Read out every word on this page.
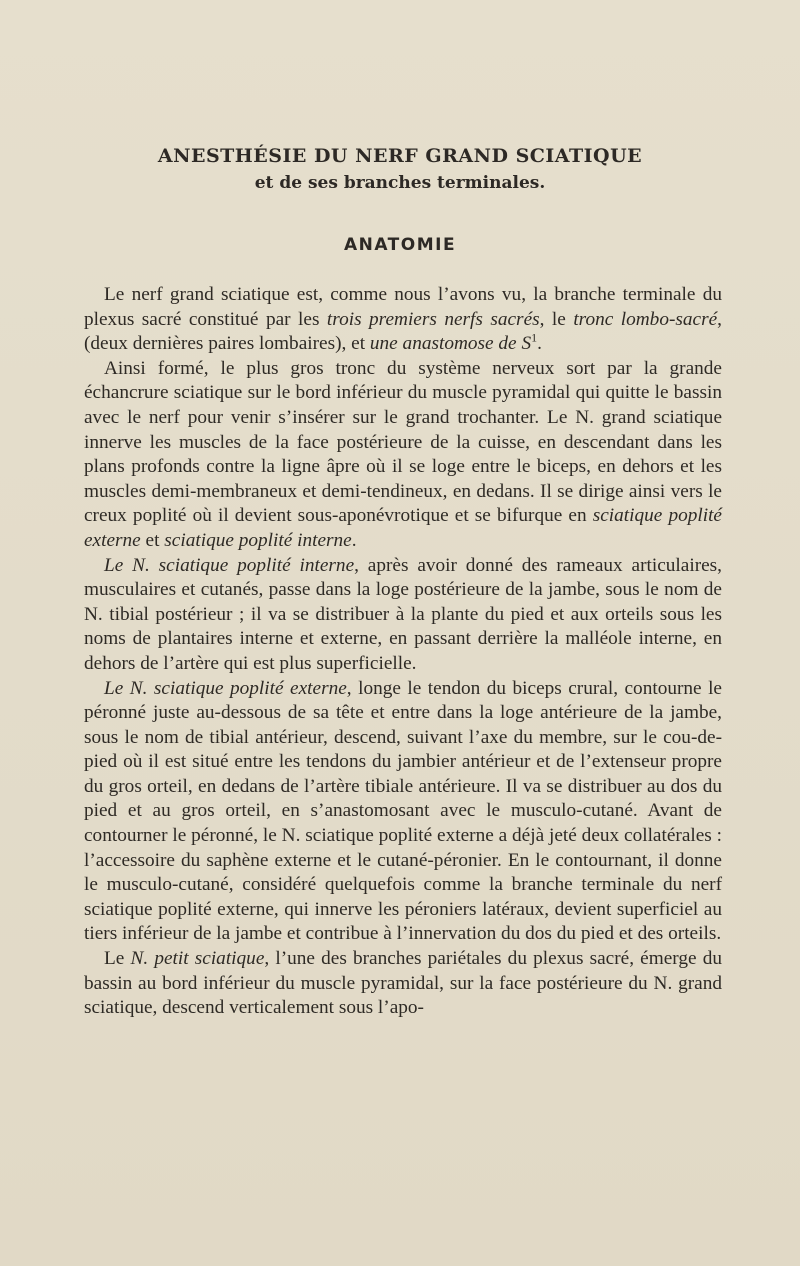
ANESTHÉSIE DU NERF GRAND SCIATIQUE
et de ses branches terminales.
ANATOMIE

Le nerf grand sciatique est, comme nous l’avons vu, la branche terminale du plexus sacré constitué par les trois premiers nerfs sacrés, le tronc lombo-sacré, (deux dernières paires lombaires), et une anastomose de $S^1$.

Ainsi formé, le plus gros tronc du système nerveux sort par la grande échancrure sciatique sur le bord inférieur du muscle pyramidal qui quitte le bassin avec le nerf pour venir s’insérer sur le grand trochanter. Le N. grand sciatique innerve les muscles de la face postérieure de la cuisse, en descendant dans les plans profonds contre la ligne âpre où il se loge entre le biceps, en dehors et les muscles demi-membraneux et demi-tendineux, en dedans. Il se dirige ainsi vers le creux poplité où il devient sous-aponévrotique et se bifurque en sciatique poplité externe et sciatique poplité interne.

Le N. sciatique poplité interne, après avoir donné des rameaux articulaires, musculaires et cutanés, passe dans la loge postérieure de la jambe, sous le nom de N. tibial postérieur ; il va se distribuer à la plante du pied et aux orteils sous les noms de plantaires interne et externe, en passant derrière la malléole interne, en dehors de l’artère qui est plus superficielle.

Le N. sciatique poplité externe, longe le tendon du biceps crural, contourne le péronné juste au-dessous de sa tête et entre dans la loge antérieure de la jambe, sous le nom de tibial antérieur, descend, suivant l’axe du membre, sur le cou-de-pied où il est situé entre les tendons du jambier antérieur et de l’extenseur propre du gros orteil, en dedans de l’artère tibiale antérieure. Il va se distribuer au dos du pied et au gros orteil, en s’anastomosant avec le musculo-cutané. Avant de contourner le péronné, le N. sciatique poplité externe a déjà jeté deux collatérales : l’accessoire du saphène externe et le cutané-péronier. En le contournant, il donne le musculo-cutané, considéré quelquefois comme la branche terminale du nerf sciatique poplité externe, qui innerve les péroniers latéraux, devient superficiel au tiers inférieur de la jambe et contribue à l’innervation du dos du pied et des orteils.

Le N. petit sciatique, l’une des branches pariétales du plexus sacré, émerge du bassin au bord inférieur du muscle pyramidal, sur la face postérieure du N. grand sciatique, descend verticalement sous l’apo-
